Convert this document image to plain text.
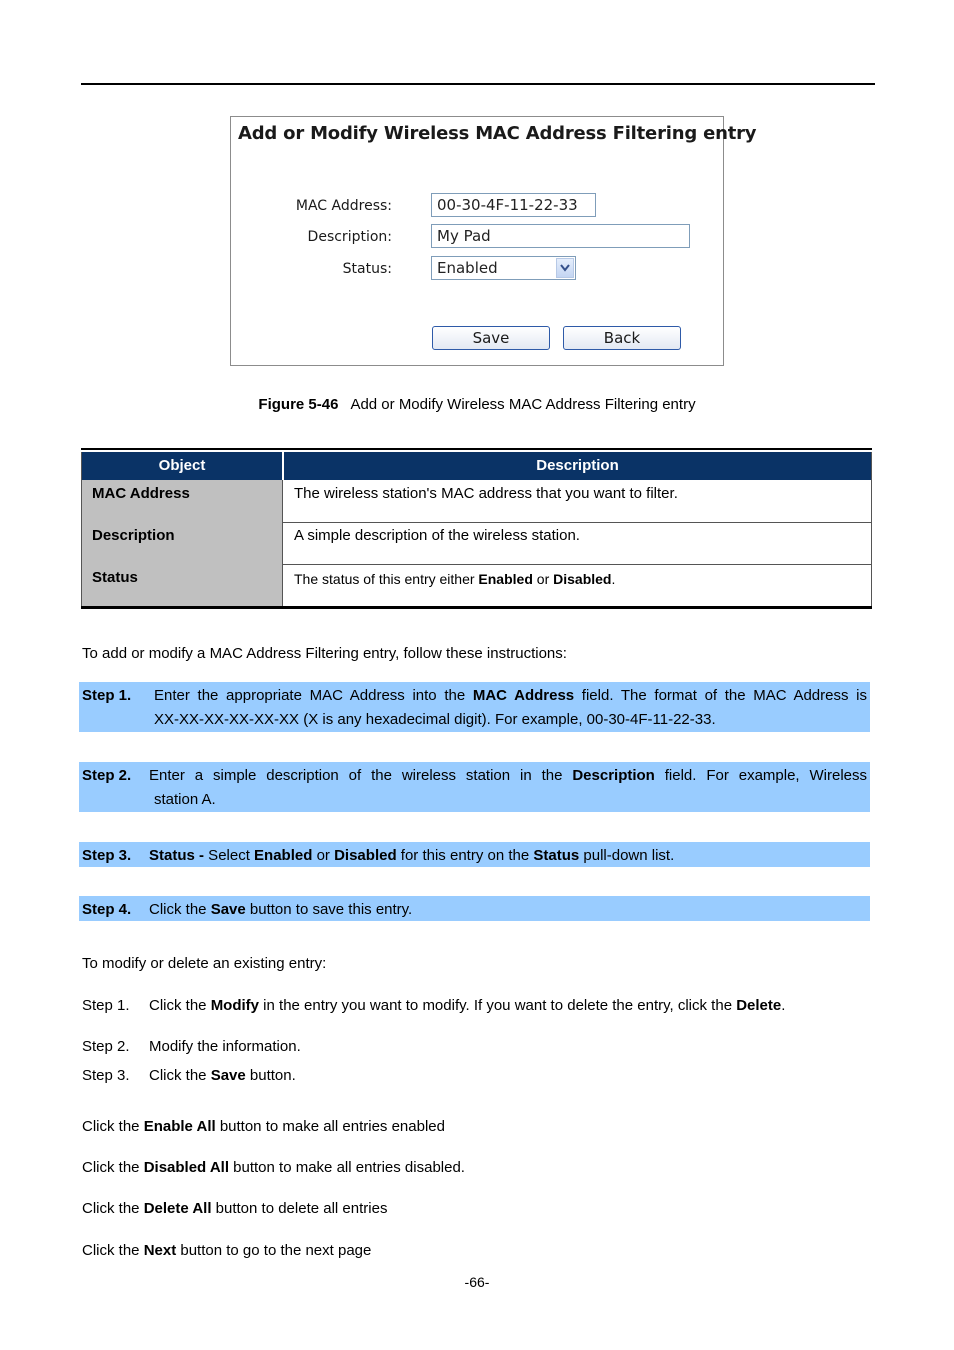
Add or Modify Wireless MAC Address Filtering entry
MAC Address:	00-30-4F-11-22-33
Description:	My Pad
Status:	Enabled
Save	Back
Figure 5-46 Add or Modify Wireless MAC Address Filtering entry
Object	Description
MAC Address	The wireless station's MAC address that you want to filter.
Description	A simple description of the wireless station.
Status	The status of this entry either Enabled or Disabled.
To add or modify a MAC Address Filtering entry, follow these instructions:
Step 1. Enter the appropriate MAC Address into the MAC Address field. The format of the MAC Address is
XX-XX-XX-XX-XX-XX (X is any hexadecimal digit). For example, 00-30-4F-11-22-33.
Step 2. Enter a simple description of the wireless station in the Description field. For example, Wireless
station A.
Step 3. Status - Select Enabled or Disabled for this entry on the Status pull-down list.
Step 4. Click the Save button to save this entry.
To modify or delete an existing entry:
Step 1. Click the Modify in the entry you want to modify. If you want to delete the entry, click the Delete.
Step 2. Modify the information.
Step 3. Click the Save button.
Click the Enable All button to make all entries enabled
Click the Disabled All button to make all entries disabled.
Click the Delete All button to delete all entries
Click the Next button to go to the next page
-66-
